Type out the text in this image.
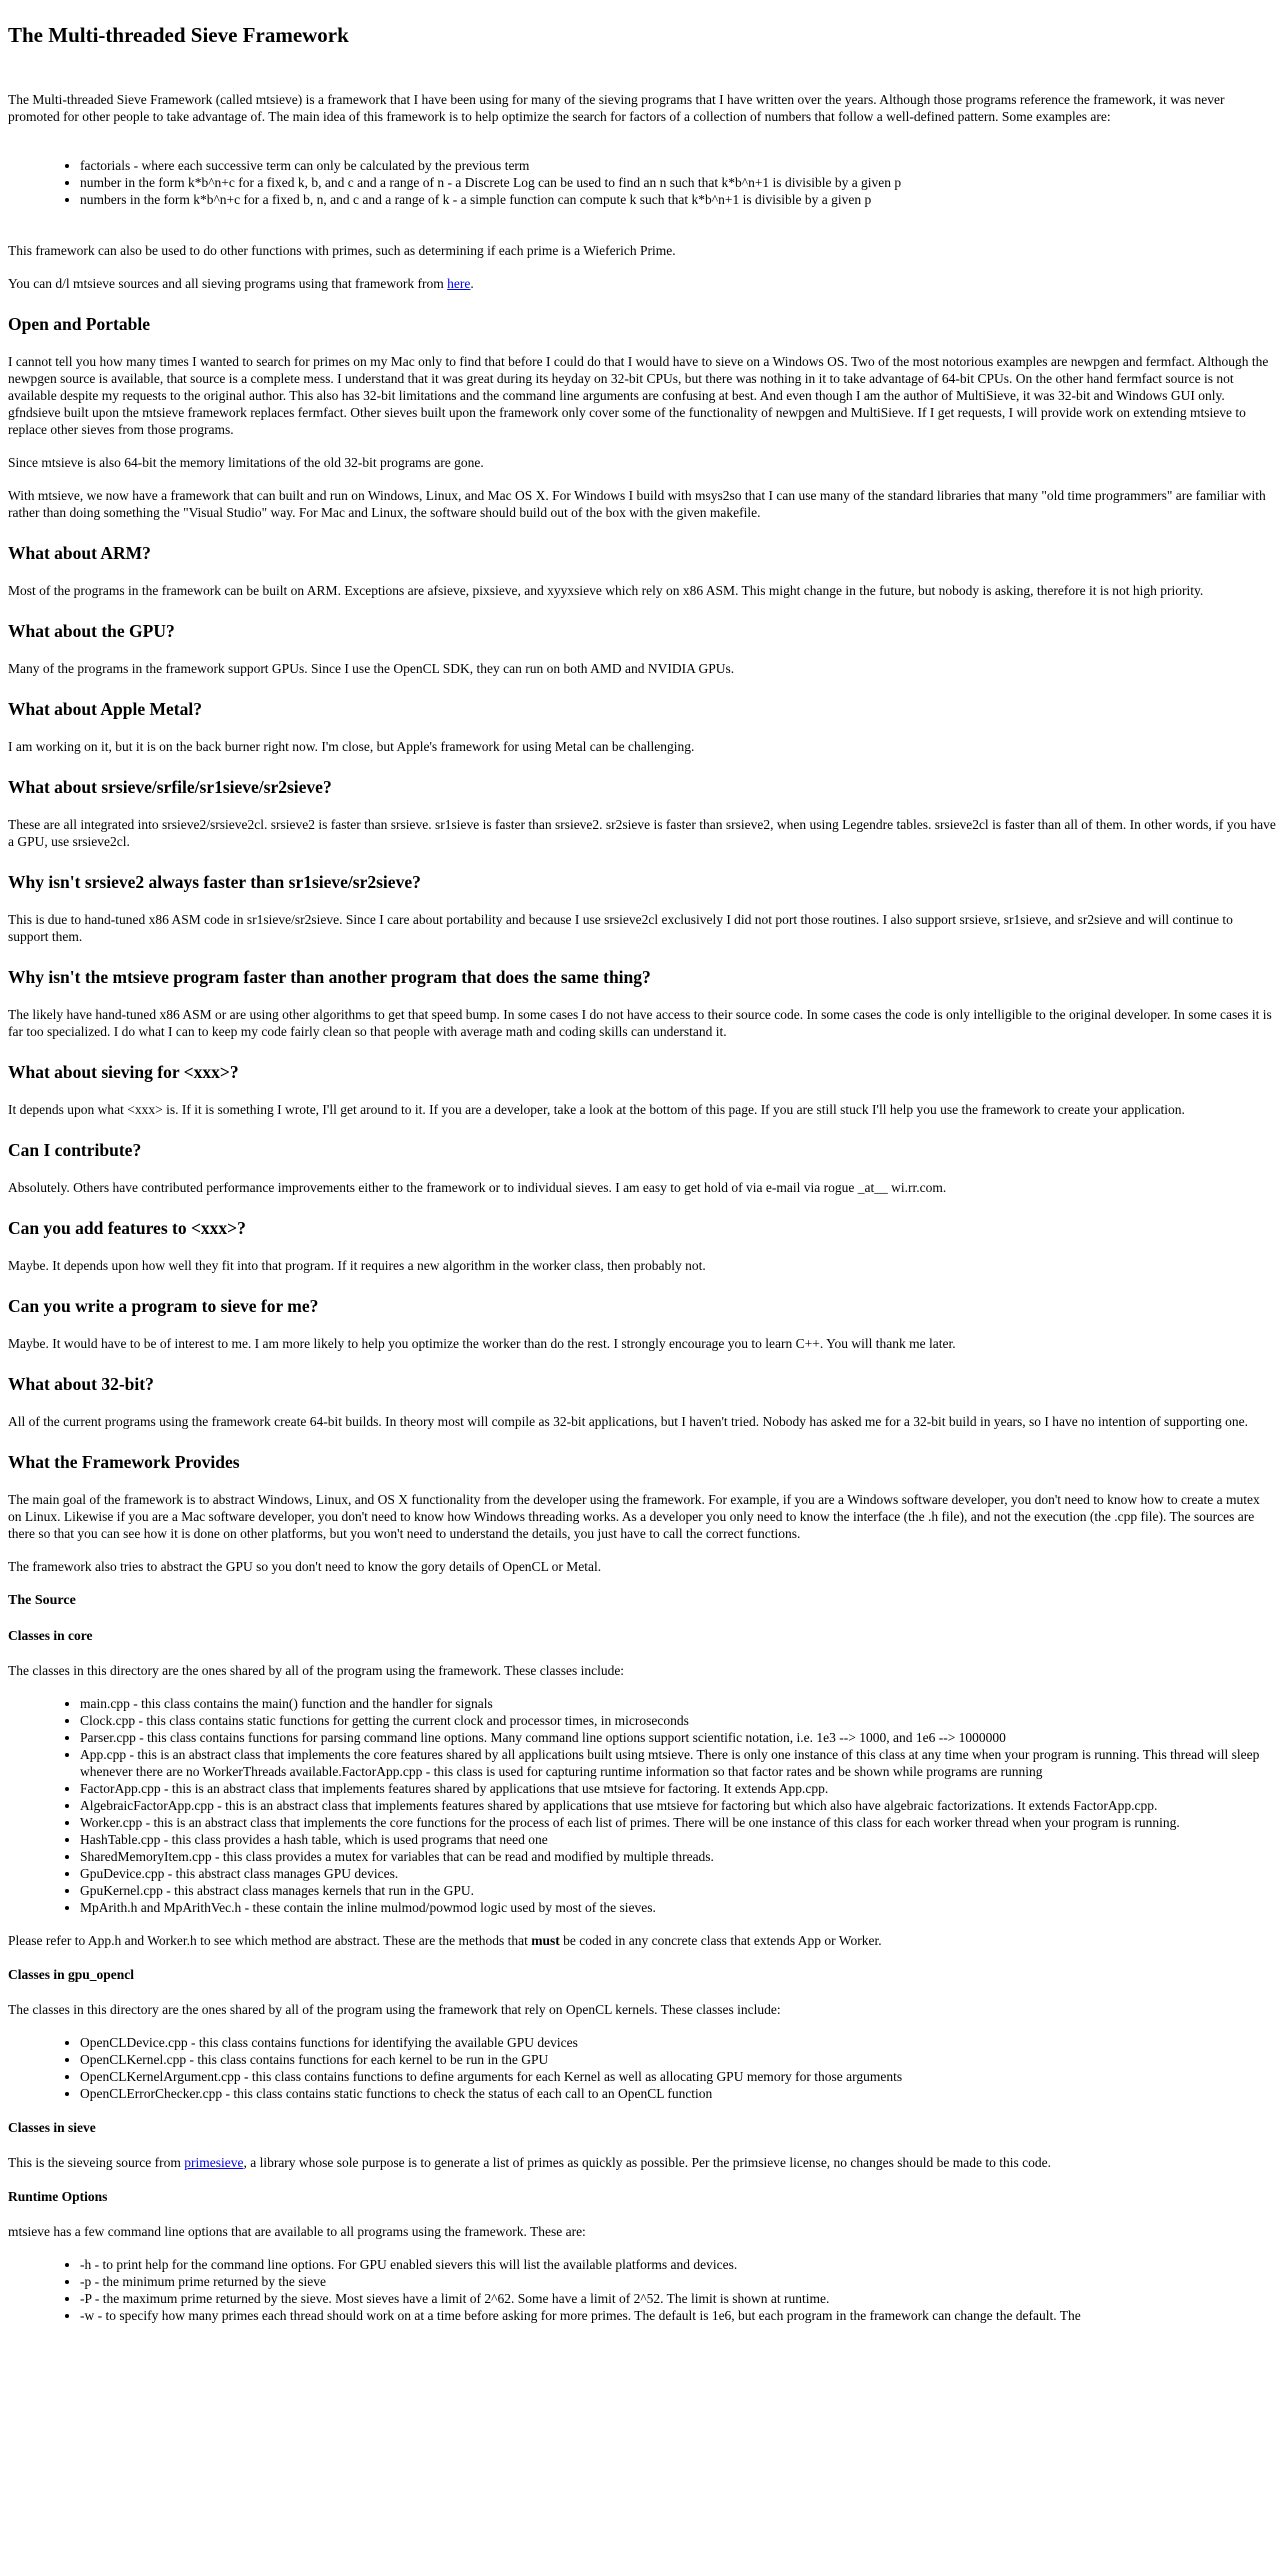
The Multi-threaded Sieve Framework

The Multi-threaded Sieve Framework (called mtsieve) is a framework that I have been using for many of the sieving programs that I have written over the years. Although those programs reference the framework, it was never promoted for other people to take advantage of. The main idea of this framework is to help optimize the search for factors of a collection of numbers that follow a well-defined pattern. Some examples are:

• factorials - where each successive term can only be calculated by the previous term
• number in the form k*b^n+c for a fixed k, b, and c and a range of n - a Discrete Log can be used to find an n such that k*b^n+1 is divisible by a given p
• numbers in the form k*b^n+c for a fixed b, n, and c and a range of k - a simple function can compute k such that k*b^n+1 is divisible by a given p

This framework can also be used to do other functions with primes, such as determining if each prime is a Wieferich Prime.

You can d/l mtsieve sources and all sieving programs using that framework from here.

Open and Portable

I cannot tell you how many times I wanted to search for primes on my Mac only to find that before I could do that I would have to sieve on a Windows OS. Two of the most notorious examples are newpgen and fermfact. Although the newpgen source is available, that source is a complete mess. I understand that it was great during its heyday on 32-bit CPUs, but there was nothing in it to take advantage of 64-bit CPUs. On the other hand fermfact source is not available despite my requests to the original author. This also has 32-bit limitations and the command line arguments are confusing at best. And even though I am the author of MultiSieve, it was 32-bit and Windows GUI only. gfndsieve built upon the mtsieve framework replaces fermfact. Other sieves built upon the framework only cover some of the functionality of newpgen and MultiSieve. If I get requests, I will provide work on extending mtsieve to replace other sieves from those programs.

Since mtsieve is also 64-bit the memory limitations of the old 32-bit programs are gone.

With mtsieve, we now have a framework that can built and run on Windows, Linux, and Mac OS X. For Windows I build with msys2so that I can use many of the standard libraries that many "old time programmers" are familiar with rather than doing something the "Visual Studio" way. For Mac and Linux, the software should build out of the box with the given makefile.

What about ARM?

Most of the programs in the framework can be built on ARM. Exceptions are afsieve, pixsieve, and xyyxsieve which rely on x86 ASM. This might change in the future, but nobody is asking, therefore it is not high priority.

What about the GPU?

Many of the programs in the framework support GPUs. Since I use the OpenCL SDK, they can run on both AMD and NVIDIA GPUs.

What about Apple Metal?

I am working on it, but it is on the back burner right now. I'm close, but Apple's framework for using Metal can be challenging.

What about srsieve/srfile/sr1sieve/sr2sieve?

These are all integrated into srsieve2/srsieve2cl. srsieve2 is faster than srsieve. sr1sieve is faster than srsieve2. sr2sieve is faster than srsieve2, when using Legendre tables. srsieve2cl is faster than all of them. In other words, if you have a GPU, use srsieve2cl.

Why isn't srsieve2 always faster than sr1sieve/sr2sieve?

This is due to hand-tuned x86 ASM code in sr1sieve/sr2sieve. Since I care about portability and because I use srsieve2cl exclusively I did not port those routines. I also support srsieve, sr1sieve, and sr2sieve and will continue to support them.

Why isn't the mtsieve program faster than another program that does the same thing?

The likely have hand-tuned x86 ASM or are using other algorithms to get that speed bump. In some cases I do not have access to their source code. In some cases the code is only intelligible to the original developer. In some cases it is far too specialized. I do what I can to keep my code fairly clean so that people with average math and coding skills can understand it.

What about sieving for <xxx>?

It depends upon what <xxx> is. If it is something I wrote, I'll get around to it. If you are a developer, take a look at the bottom of this page. If you are still stuck I'll help you use the framework to create your application.

Can I contribute?

Absolutely. Others have contributed performance improvements either to the framework or to individual sieves. I am easy to get hold of via e-mail via rogue _at__ wi.rr.com.

Can you add features to <xxx>?

Maybe. It depends upon how well they fit into that program. If it requires a new algorithm in the worker class, then probably not.

Can you write a program to sieve for me?

Maybe. It would have to be of interest to me. I am more likely to help you optimize the worker than do the rest. I strongly encourage you to learn C++. You will thank me later.

What about 32-bit?

All of the current programs using the framework create 64-bit builds. In theory most will compile as 32-bit applications, but I haven't tried. Nobody has asked me for a 32-bit build in years, so I have no intention of supporting one.

What the Framework Provides

The main goal of the framework is to abstract Windows, Linux, and OS X functionality from the developer using the framework. For example, if you are a Windows software developer, you don't need to know how to create a mutex on Linux. Likewise if you are a Mac software developer, you don't need to know how Windows threading works. As a developer you only need to know the interface (the .h file), and not the execution (the .cpp file). The sources are there so that you can see how it is done on other platforms, but you won't need to understand the details, you just have to call the correct functions.

The framework also tries to abstract the GPU so you don't need to know the gory details of OpenCL or Metal.

The Source
Classes in core

The classes in this directory are the ones shared by all of the program using the framework. These classes include:

• main.cpp - this class contains the main() function and the handler for signals
• Clock.cpp - this class contains static functions for getting the current clock and processor times, in microseconds
• Parser.cpp - this class contains functions for parsing command line options. Many command line options support scientific notation, i.e. 1e3 --> 1000, and 1e6 --> 1000000
• App.cpp - this is an abstract class that implements the core features shared by all applications built using mtsieve. There is only one instance of this class at any time when your program is running. This thread will sleep whenever there are no WorkerThreads available.FactorApp.cpp - this class is used for capturing runtime information so that factor rates and be shown while programs are running
• FactorApp.cpp - this is an abstract class that implements features shared by applications that use mtsieve for factoring. It extends App.cpp.
• AlgebraicFactorApp.cpp - this is an abstract class that implements features shared by applications that use mtsieve for factoring but which also have algebraic factorizations. It extends FactorApp.cpp.
• Worker.cpp - this is an abstract class that implements the core functions for the process of each list of primes. There will be one instance of this class for each worker thread when your program is running.
• HashTable.cpp - this class provides a hash table, which is used programs that need one
• SharedMemoryItem.cpp - this class provides a mutex for variables that can be read and modified by multiple threads.
• GpuDevice.cpp - this abstract class manages GPU devices.
• GpuKernel.cpp - this abstract class manages kernels that run in the GPU.
• MpArith.h and MpArithVec.h - these contain the inline mulmod/powmod logic used by most of the sieves.

Please refer to App.h and Worker.h to see which method are abstract. These are the methods that must be coded in any concrete class that extends App or Worker.

Classes in gpu_opencl

The classes in this directory are the ones shared by all of the program using the framework that rely on OpenCL kernels. These classes include:

• OpenCLDevice.cpp - this class contains functions for identifying the available GPU devices
• OpenCLKernel.cpp - this class contains functions for each kernel to be run in the GPU
• OpenCLKernelArgument.cpp - this class contains functions to define arguments for each Kernel as well as allocating GPU memory for those arguments
• OpenCLErrorChecker.cpp - this class contains static functions to check the status of each call to an OpenCL function
Classes in sieve

This is the sieveing source from primesieve, a library whose sole purpose is to generate a list of primes as quickly as possible. Per the primsieve license, no changes should be made to this code.

Runtime Options

mtsieve has a few command line options that are available to all programs using the framework. These are:

• -h - to print help for the command line options. For GPU enabled sievers this will list the available platforms and devices.
• -p - the minimum prime returned by the sieve
• -P - the maximum prime returned by the sieve. Most sieves have a limit of 2^62. Some have a limit of 2^52. The limit is shown at runtime.
• -w - to specify how many primes each thread should work on at a time before asking for more primes. The default is 1e6, but each program in the framework can change the default. The
